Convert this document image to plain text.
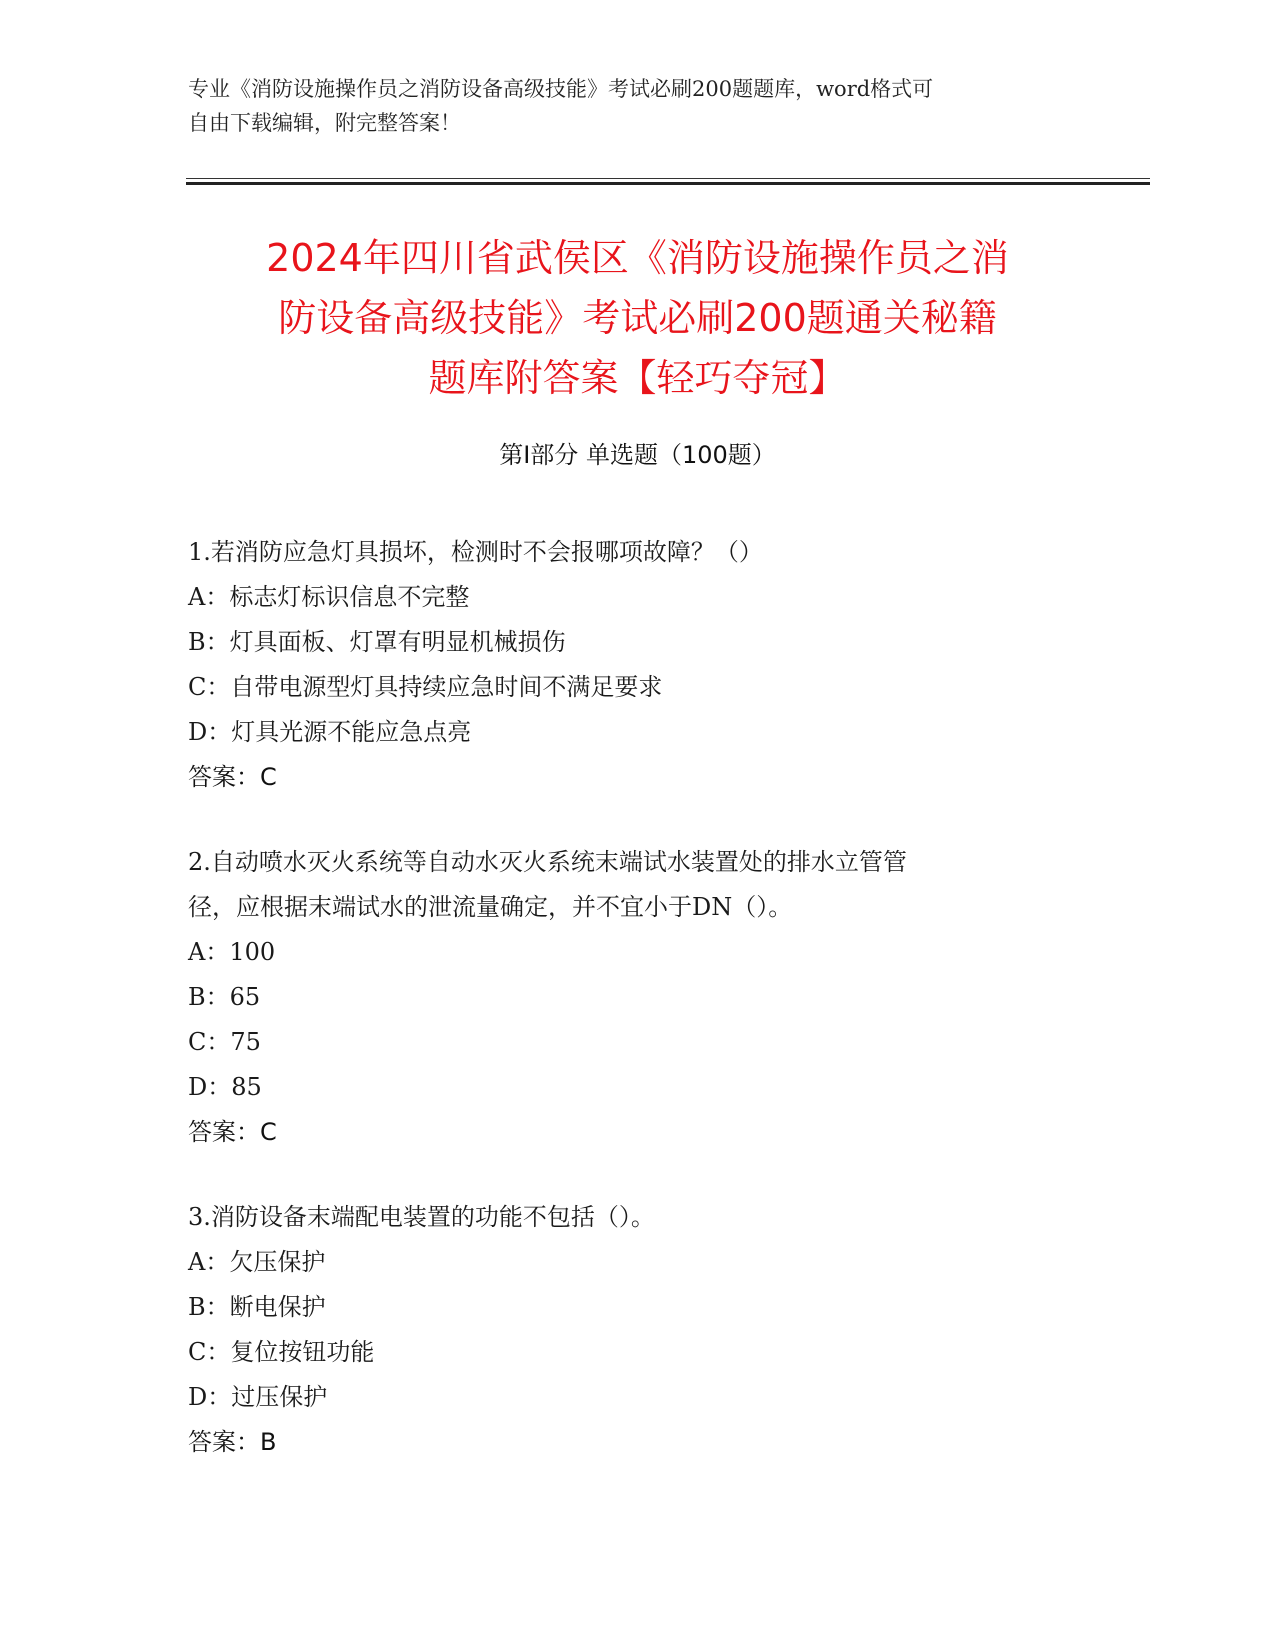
专业《消防设施操作员之消防设备高级技能》考试必刷200题题库，word格式可
自由下载编辑，附完整答案！
2024年四川省武侯区《消防设施操作员之消
防设备高级技能》考试必刷200题通关秘籍
题库附答案【轻巧夺冠】
第Ⅰ部分 单选题（100题）
1.若消防应急灯具损坏，检测时不会报哪项故障？（）
A：标志灯标识信息不完整
B：灯具面板、灯罩有明显机械损伤
C：自带电源型灯具持续应急时间不满足要求
D：灯具光源不能应急点亮
答案：C
2.自动喷水灭火系统等自动水灭火系统末端试水装置处的排水立管管
径，应根据末端试水的泄流量确定，并不宜小于DN（）。
A：100
B：65
C：75
D：85
答案：C
3.消防设备末端配电装置的功能不包括（）。
A：欠压保护
B：断电保护
C：复位按钮功能
D：过压保护
答案：B
